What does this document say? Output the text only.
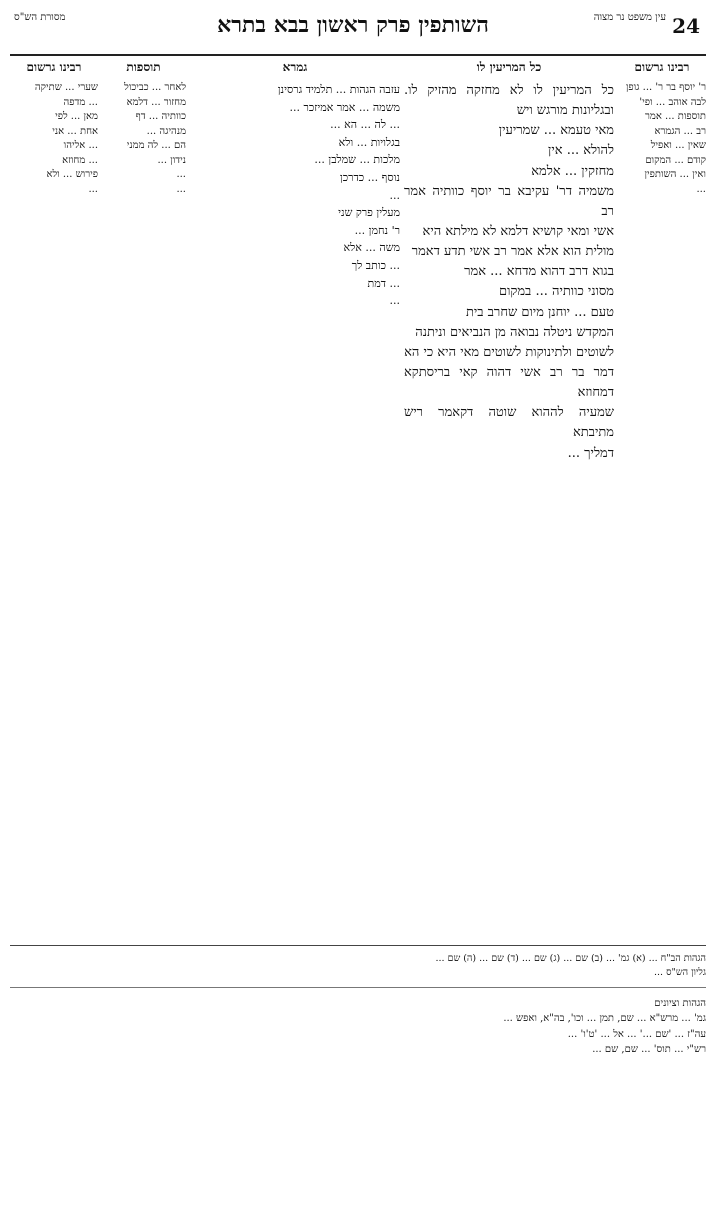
מסורת הש"ס	השותפין פרק ראשון בבא בתרא	עין משפט נר מצוה 24
רבינו גרשום
ר' יוסף בר ר' ... גופן
לבה אוהב ... ופי'
תוספות ... אמר
רב ... הגמרא
שאין ... ואפיל
קודם ... המקום
ואין ... השותפין
...
כל המריעין לו
כל המריעין לו לא מחזקה מהזיק לו. ובגליונות מורגש ויש
מאי טעמא ... שמריעין
להולא ... אין
מחזקין ... אלמא
משמיה דר' עקיבא בר יוסף כוותיה אמר רב
אשי ומאי קושיא דלמא לא מילתא היא
מולית הוא אלא אמר רב אשי תדע דאמר
בגוא דרב דהוא מדחא ... אמר
מסוני כוותיה ... במקום
טעם ... יוחנן מיום שחרב בית
המקדש ניטלה נבואה מן הנביאים וניתנה
לשוטים ולתינוקות לשוטים מאי היא כי הא
דמר בר רב אשי דהוה קאי בריסתקא דמחוזא
שמעיה לההוא שוטה דקאמר ריש מתיבתא
דמליך ...
גמרא
עזבה הגהות ... תלמיד גרסינן
משמה ... אמר אמיזכר ...
... לה ... הא ...
בגלויות ... ולא
מלכות ... שמלבן ...
נוסף ... כדרכן
...
מעלין פרק שני
ר' נחמן ...
משה ... אלא
... כותב לך
... דמת
...
תוספות
לאחר ... כביכול
מחזור ... דלמא
כוותיה ... דף
מנהיגה ...
הם ... לה ממני
נידון ...
...
...
רבינו גרשום
שערי ... שתיקה
... מדפה
מאן ... לפי
אחת ... אני
... אליהו
... מחוזא
פירוש ... ולא
...
הגהות הב"ח ... (א) גמ' ... (ב) שם ... (ג) שם ... (ד) שם ... (ה) שם ...
גליון הש"ס ...
הגהות וציונים
גמ' ... מרש"א ... שם, תמן ... וכו', בה"א, ואפש ...
עה"ז ... 'שם ...' ... אל ... 'ט'ו' ...
רש"י ... תוס' ... שם, שם ...
